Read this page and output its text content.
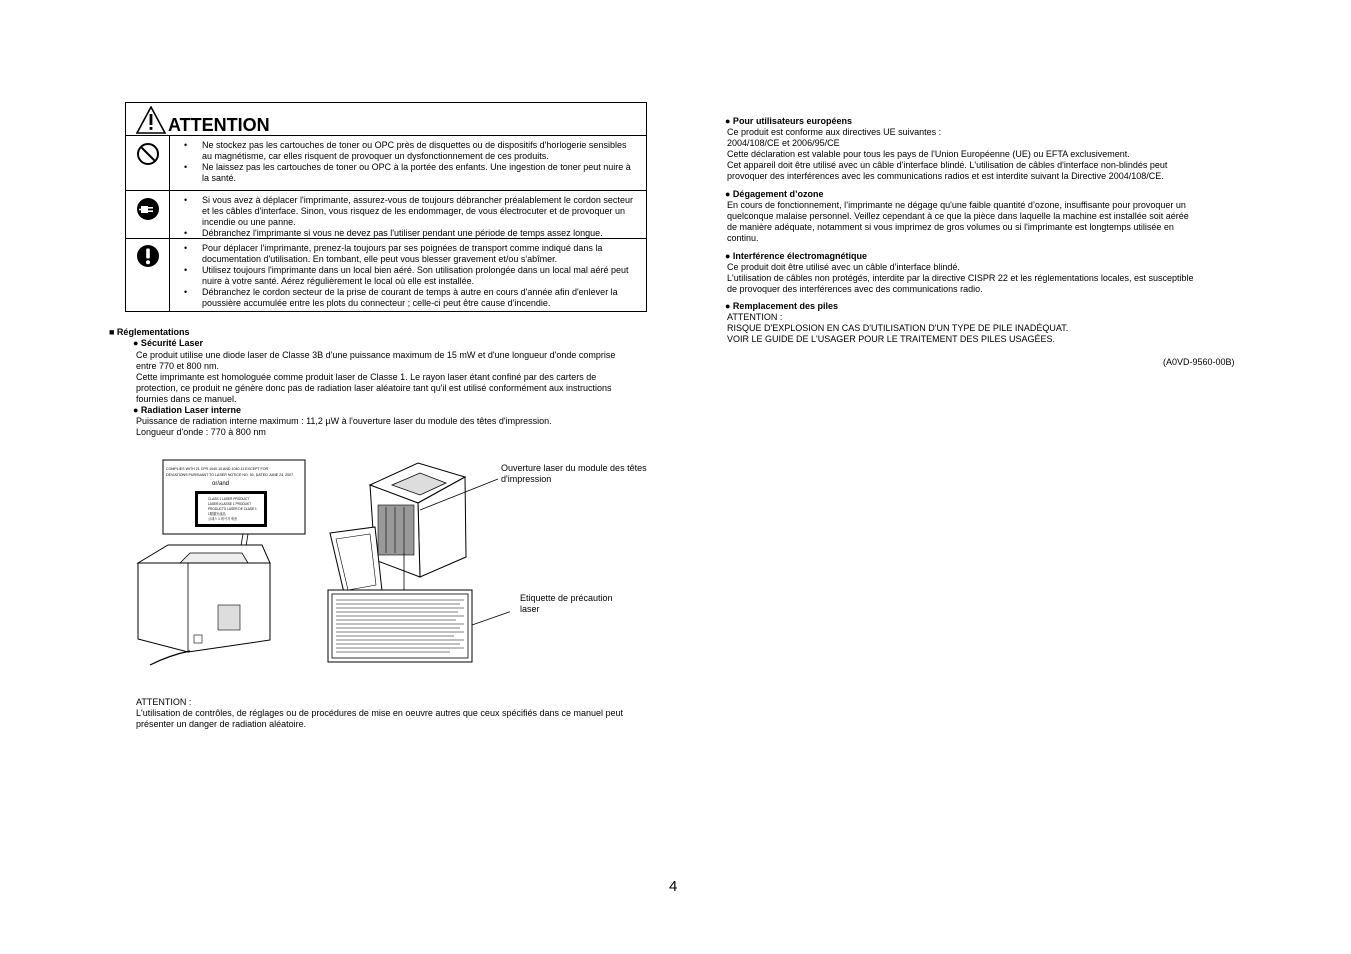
ATTENTION
• Ne stockez pas les cartouches de toner ou OPC près de disquettes ou de dispositifs d'horlogerie sensibles au magnétisme, car elles risquent de provoquer un dysfonctionnement de ces produits.
• Ne laissez pas les cartouches de toner ou OPC à la portée des enfants. Une ingestion de toner peut nuire à la santé.
• Si vous avez à déplacer l'imprimante, assurez-vous de toujours débrancher préalablement le cordon secteur et les câbles d'interface. Sinon, vous risquez de les endommager, de vous électrocuter et de provoquer un incendie ou une panne.
• Débranchez l'imprimante si vous ne devez pas l'utiliser pendant une période de temps assez longue.
• Pour déplacer l'imprimante, prenez-la toujours par ses poignées de transport comme indiqué dans la documentation d'utilisation. En tombant, elle peut vous blesser gravement et/ou s'abîmer.
• Utilisez toujours l'imprimante dans un local bien aéré. Son utilisation prolongée dans un local mal aéré peut nuire à votre santé. Aérez régulièrement le local où elle est installée.
• Débranchez le cordon secteur de la prise de courant de temps à autre en cours d'année afin d'enlever la poussière accumulée entre les plots du connecteur ; celle-ci peut être cause d'incendie.
■ Réglementations
● Sécurité Laser
Ce produit utilise une diode laser de Classe 3B d'une puissance maximum de 15 mW et d'une longueur d'onde comprise
entre 770 et 800 nm.
Cette imprimante est homologuée comme produit laser de Classe 1. Le rayon laser étant confiné par des carters de
protection, ce produit ne génère donc pas de radiation laser aléatoire tant qu'il est utilisé conformément aux instructions
fournies dans ce manuel.
● Radiation Laser interne
Puissance de radiation interne maximum : 11,2 µW à l'ouverture laser du module des têtes d'impression.
Longueur d'onde : 770 à 800 nm
COMPLIES WITH 21 CFR 1040.10 AND 1040.11 EXCEPT FOR
DEVIATIONS PURSUANT TO LASER NOTICE NO. 50, DATED JUNE 24, 2007.
or/and
CLASS 1 LASER PRODUCT
LASER-KLASSE 1 PRODUKT
PRODUCTO LÁSER DE CLASE 1
1類激光產品
클래스 1 레이저 제품
Ouverture laser du module des têtes
d'impression
Etiquette de précaution
laser
ATTENTION :
L'utilisation de contrôles, de réglages ou de procédures de mise en oeuvre autres que ceux spécifiés dans ce manuel peut
présenter un danger de radiation aléatoire.
● Pour utilisateurs européens
Ce produit est conforme aux directives UE suivantes :
2004/108/CE et 2006/95/CE
Cette déclaration est valable pour tous les pays de l'Union Européenne (UE) ou EFTA exclusivement.
Cet appareil doit être utilisé avec un câble d'interface blindé. L'utilisation de câbles d'interface non-blindés peut
provoquer des interférences avec les communications radios et est interdite suivant la Directive 2004/108/CE.
● Dégagement d’ozone
En cours de fonctionnement, l’imprimante ne dégage qu'une faible quantité d’ozone, insuffisante pour provoquer un
quelconque malaise personnel. Veillez cependant à ce que la pièce dans laquelle la machine est installée soit aérée
de manière adéquate, notamment si vous imprimez de gros volumes ou si l'imprimante est longtemps utilisée en
continu.
● Interférence électromagnétique
Ce produit doit être utilisé avec un câble d'interface blindé.
L'utilisation de câbles non protégés, interdite par la directive CISPR 22 et les réglementations locales, est susceptible
de provoquer des interférences avec des communications radio.
● Remplacement des piles
ATTENTION :
RISQUE D'EXPLOSION EN CAS D'UTILISATION D'UN TYPE DE PILE INADÉQUAT.
VOIR LE GUIDE DE L'USAGER POUR LE TRAITEMENT DES PILES USAGÉES.
(A0VD-9560-00B)
4
